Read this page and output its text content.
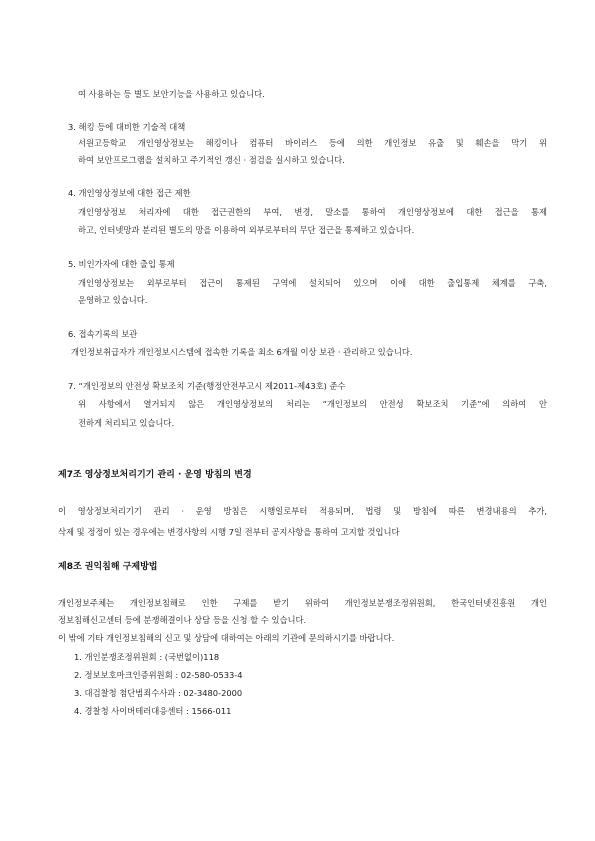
여 사용하는 등 별도 보안기능을 사용하고 있습니다.
3. 해킹 등에 대비한 기술적 대책
서원고등학교 개인영상정보는 해킹이나 컴퓨터 바이러스 등에 의한 개인정보 유출 및 훼손을 막기 위
하여 보안프로그램을 설치하고 주기적인 갱신 · 점검을 실시하고 있습니다.
4. 개인영상정보에 대한 접근 제한
개인영상정보 처리자에 대한 접근권한의 부여, 변경, 말소를 통하여 개인영상정보에 대한 접근을 통제
하고, 인터넷망과 분리된 별도의 망을 이용하여 외부로부터의 무단 접근을 통제하고 있습니다.
5. 비인가자에 대한 출입 통제
개인영상정보는 외부로부터 접근이 통제된 구역에 설치되어 있으며 이에 대한 출입통제 체계를 구축,
운영하고 있습니다.
6. 접속기록의 보관
개인정보취급자가 개인정보시스템에 접속한 기록을 최소 6개월 이상 보관 · 관리하고 있습니다.
7. “개인정보의 안전성 확보조치 기준(행정안전부고시 제2011-제43호) 준수
위 사항에서 열거되지 않은 개인영상정보의 처리는 “개인정보의 안전성 확보조치 기준”에 의하여 안
전하게 처리되고 있습니다.
제7조 영상정보처리기기 관리 · 운영 방침의 변경
이 영상정보처리기기 관리 · 운영 방침은 시행일로부터 적용되며, 법령 및 방침에 따른 변경내용의 추가,
삭제 및 정정이 있는 경우에는 변경사항의 시행 7일 전부터 공지사항을 통하여 고지할 것입니다
제8조 권익침해 구제방법
개인정보주체는 개인정보침해로 인한 구제를 받기 위하여 개인정보분쟁조정위원회, 한국인터넷진흥원 개인
정보침해신고센터 등에 분쟁해결이나 상담 등을 신청 할 수 있습니다.
이 밖에 기타 개인정보침해의 신고 및 상담에 대하여는 아래의 기관에 문의하시기를 바랍니다.
1. 개인분쟁조정위원회 : (국번없이)118
2. 정보보호마크인증위원회 : 02-580-0533-4
3. 대검찰청 첨단범죄수사과 : 02-3480-2000
4. 경찰청 사이버테러대응센터 : 1566-011
